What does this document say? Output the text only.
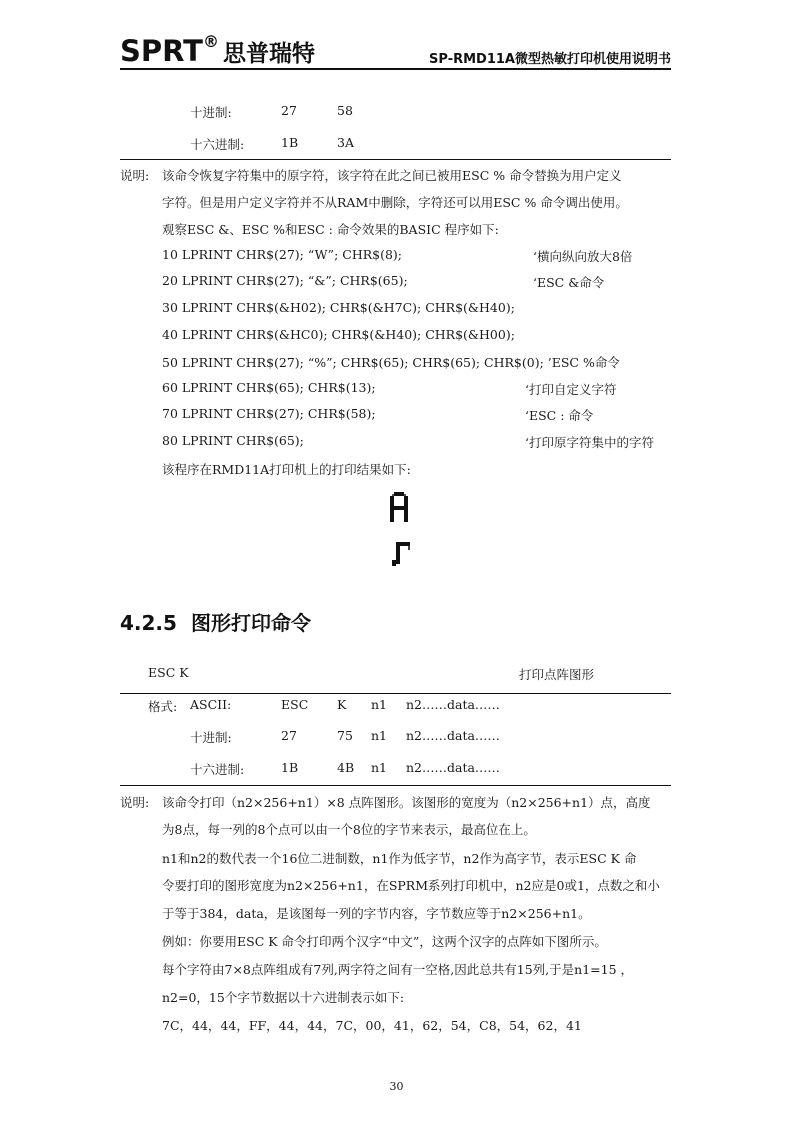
SPRT® 思普瑞特	SP-RMD11A微型热敏打印机使用说明书
十进制:	27	58
十六进制:	1B	3A
说明: 该命令恢复字符集中的原字符，该字符在此之间已被用ESC % 命令替换为用户定义
字符。但是用户定义字符并不从RAM中删除，字符还可以用ESC % 命令调出使用。
观察ESC &、ESC %和ESC : 命令效果的BASIC 程序如下:
10 LPRINT CHR$(27); “W”; CHR$(8);	‘横向纵向放大8倍
20 LPRINT CHR$(27); “&”; CHR$(65);	‘ESC &命令
30 LPRINT CHR$(&H02); CHR$(&H7C); CHR$(&H40);
40 LPRINT CHR$(&HC0); CHR$(&H40); CHR$(&H00);
50 LPRINT CHR$(27); “%”; CHR$(65); CHR$(65); CHR$(0); ’ESC %命令
60 LPRINT CHR$(65); CHR$(13);	‘打印自定义字符
70 LPRINT CHR$(27); CHR$(58);	‘ESC : 命令
80 LPRINT CHR$(65);	‘打印原字符集中的字符
该程序在RMD11A打印机上的打印结果如下:
4.2.5 图形打印命令
ESC K	打印点阵图形
格式: ASCII:	ESC K n1 n2……data……
十进制:	27	75 n1 n2……data……
十六进制:	1B	4B n1 n2……data……
说明: 该命令打印（n2×256+n1）×8 点阵图形。该图形的宽度为（n2×256+n1）点，高度
为8点，每一列的8个点可以由一个8位的字节来表示，最高位在上。
n1和n2的数代表一个16位二进制数，n1作为低字节，n2作为高字节，表示ESC K 命
令要打印的图形宽度为n2×256+n1，在SPRM系列打印机中，n2应是0或1，点数之和小
于等于384，data，是该图每一列的字节内容，字节数应等于n2×256+n1。
例如：你要用ESC K 命令打印两个汉字“中文”，这两个汉字的点阵如下图所示。
每个字符由7×8点阵组成有7列,两字符之间有一空格,因此总共有15列,于是n1=15 ，
n2=0，15个字节数据以十六进制表示如下:
7C，44，44，FF，44，44，7C，00，41，62，54，C8，54，62，41
30
